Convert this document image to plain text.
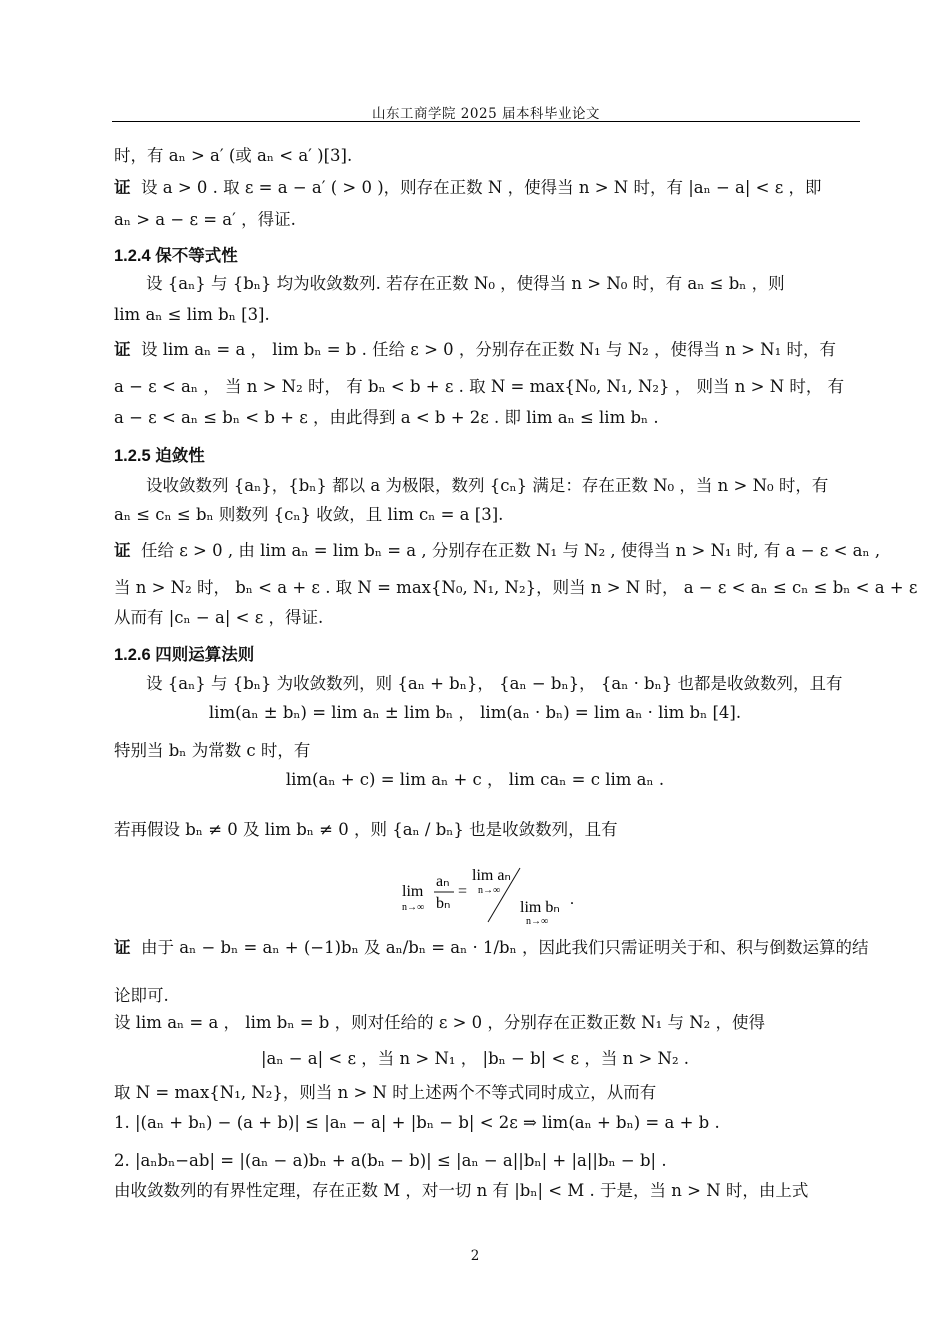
山东工商学院 2025 届本科毕业论文
时，有 aₙ > a′ (或 aₙ < a′ )[3].
证 设 a > 0 . 取 ε = a − a′ ( > 0 )，则存在正数 N ，使得当 n > N 时，有 |aₙ − a| < ε ，即
aₙ > a − ε = a′ ，得证.
1.2.4 保不等式性
设 {aₙ} 与 {bₙ} 均为收敛数列. 若存在正数 N₀ ，使得当 n > N₀ 时，有 aₙ ≤ bₙ ，则
lim aₙ ≤ lim bₙ [3].
证 设 lim aₙ = a ， lim bₙ = b . 任给 ε > 0 ，分别存在正数 N₁ 与 N₂ ，使得当 n > N₁ 时，有
a − ε < aₙ ， 当 n > N₂ 时， 有 bₙ < b + ε . 取 N = max{N₀, N₁, N₂} ， 则当 n > N 时， 有
a − ε < aₙ ≤ bₙ < b + ε ，由此得到 a < b + 2ε . 即 lim aₙ ≤ lim bₙ .
1.2.5 迫敛性
设收敛数列 {aₙ}，{bₙ} 都以 a 为极限，数列 {cₙ} 满足：存在正数 N₀ ，当 n > N₀ 时，有
aₙ ≤ cₙ ≤ bₙ 则数列 {cₙ} 收敛，且 lim cₙ = a [3].
证 任给 ε > 0 , 由 lim aₙ = lim bₙ = a , 分别存在正数 N₁ 与 N₂ , 使得当 n > N₁ 时, 有 a − ε < aₙ ,
当 n > N₂ 时， bₙ < a + ε . 取 N = max{N₀, N₁, N₂}，则当 n > N 时， a − ε < aₙ ≤ cₙ ≤ bₙ < a + ε
从而有 |cₙ − a| < ε ，得证.
1.2.6 四则运算法则
设 {aₙ} 与 {bₙ} 为收敛数列，则 {aₙ + bₙ}， {aₙ − bₙ}， {aₙ · bₙ} 也都是收敛数列，且有
lim(aₙ ± bₙ) = lim aₙ ± lim bₙ ， lim(aₙ · bₙ) = lim aₙ · lim bₙ [4].
特别当 bₙ 为常数 c 时，有
lim(aₙ + c) = lim aₙ + c ， lim caₙ = c lim aₙ .
若再假设 bₙ ≠ 0 及 lim bₙ ≠ 0 ，则 {aₙ / bₙ} 也是收敛数列，且有
lim
n→∞
aₙ
bₙ
=
lim aₙ
n→∞
lim bₙ
n→∞
.
证 由于 aₙ − bₙ = aₙ + (−1)bₙ 及 aₙ/bₙ = aₙ · 1/bₙ ，因此我们只需证明关于和、积与倒数运算的结
论即可.
设 lim aₙ = a ， lim bₙ = b ，则对任给的 ε > 0 ，分别存在正数正数 N₁ 与 N₂ ，使得
|aₙ − a| < ε ，当 n > N₁ ， |bₙ − b| < ε ，当 n > N₂ .
取 N = max{N₁, N₂}，则当 n > N 时上述两个不等式同时成立，从而有
1. |(aₙ + bₙ) − (a + b)| ≤ |aₙ − a| + |bₙ − b| < 2ε ⇒ lim(aₙ + bₙ) = a + b .
2. |aₙbₙ−ab| = |(aₙ − a)bₙ + a(bₙ − b)| ≤ |aₙ − a||bₙ| + |a||bₙ − b| .
由收敛数列的有界性定理，存在正数 M ，对一切 n 有 |bₙ| < M . 于是，当 n > N 时，由上式
2
